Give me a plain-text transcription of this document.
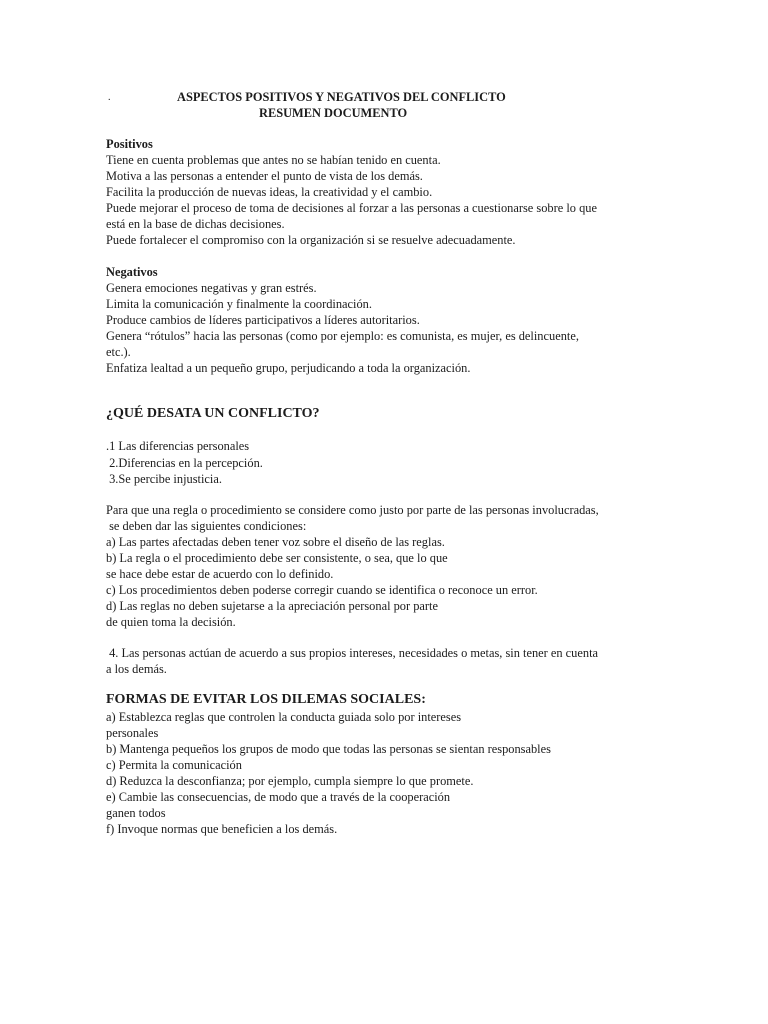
.	ASPECTOS POSITIVOS Y NEGATIVOS DEL CONFLICTO
RESUMEN DOCUMENTO
Positivos
Tiene en cuenta problemas que antes no se habían tenido en cuenta.
Motiva a las personas a entender el punto de vista de los demás.
Facilita la producción de nuevas ideas, la creatividad y el cambio.
Puede mejorar el proceso de toma de decisiones al forzar a las personas a cuestionarse sobre lo que
está en la base de dichas decisiones.
Puede fortalecer el compromiso con la organización si se resuelve adecuadamente.
Negativos
Genera emociones negativas y gran estrés.
Limita la comunicación y finalmente la coordinación.
Produce cambios de líderes participativos a líderes autoritarios.
Genera “rótulos” hacia las personas (como por ejemplo: es comunista, es mujer, es delincuente,
etc.).
Enfatiza lealtad a un pequeño grupo, perjudicando a toda la organización.
¿QUÉ DESATA UN CONFLICTO?
.1 Las diferencias personales
2.Diferencias en la percepción.
3.Se percibe injusticia.
Para que una regla o procedimiento se considere como justo por parte de las personas involucradas,
se deben dar las siguientes condiciones:
a) Las partes afectadas deben tener voz sobre el diseño de las reglas.
b) La regla o el procedimiento debe ser consistente, o sea, que lo que
se hace debe estar de acuerdo con lo definido.
c) Los procedimientos deben poderse corregir cuando se identifica o reconoce un error.
d) Las reglas no deben sujetarse a la apreciación personal por parte
de quien toma la decisión.
4. Las personas actúan de acuerdo a sus propios intereses, necesidades o metas, sin tener en cuenta
a los demás.
FORMAS DE EVITAR LOS DILEMAS SOCIALES:
a) Establezca reglas que controlen la conducta guiada solo por intereses
personales
b) Mantenga pequeños los grupos de modo que todas las personas se sientan responsables
c) Permita la comunicación
d) Reduzca la desconfianza; por ejemplo, cumpla siempre lo que promete.
e) Cambie las consecuencias, de modo que a través de la cooperación
ganen todos
f) Invoque normas que beneficien a los demás.
